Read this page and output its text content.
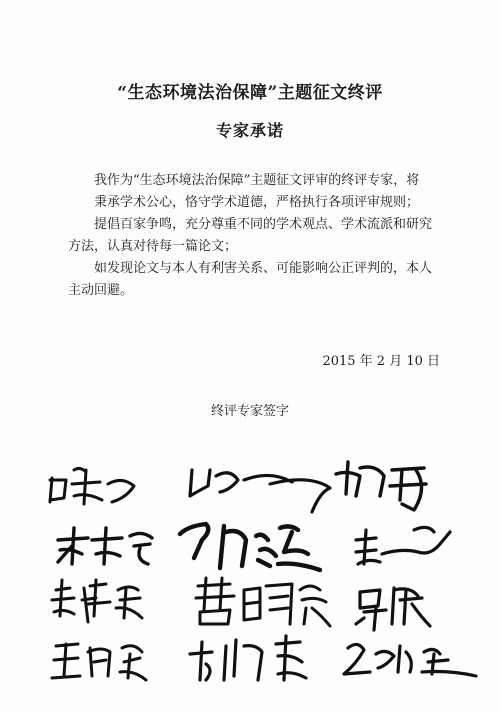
“生态环境法治保障”主题征文终评
专家承诺

我作为“生态环境法治保障”主题征文评审的终评专家，将

秉承学术公心，恪守学术道德，严格执行各项评审规则；

提倡百家争鸣，充分尊重不同的学术观点、学术流派和研究方法，认真对待每一篇论文；

如发现论文与本人有利害关系、可能影响公正评判的，本人主动回避。

2015 年 2 月 10 日
终评专家签字
